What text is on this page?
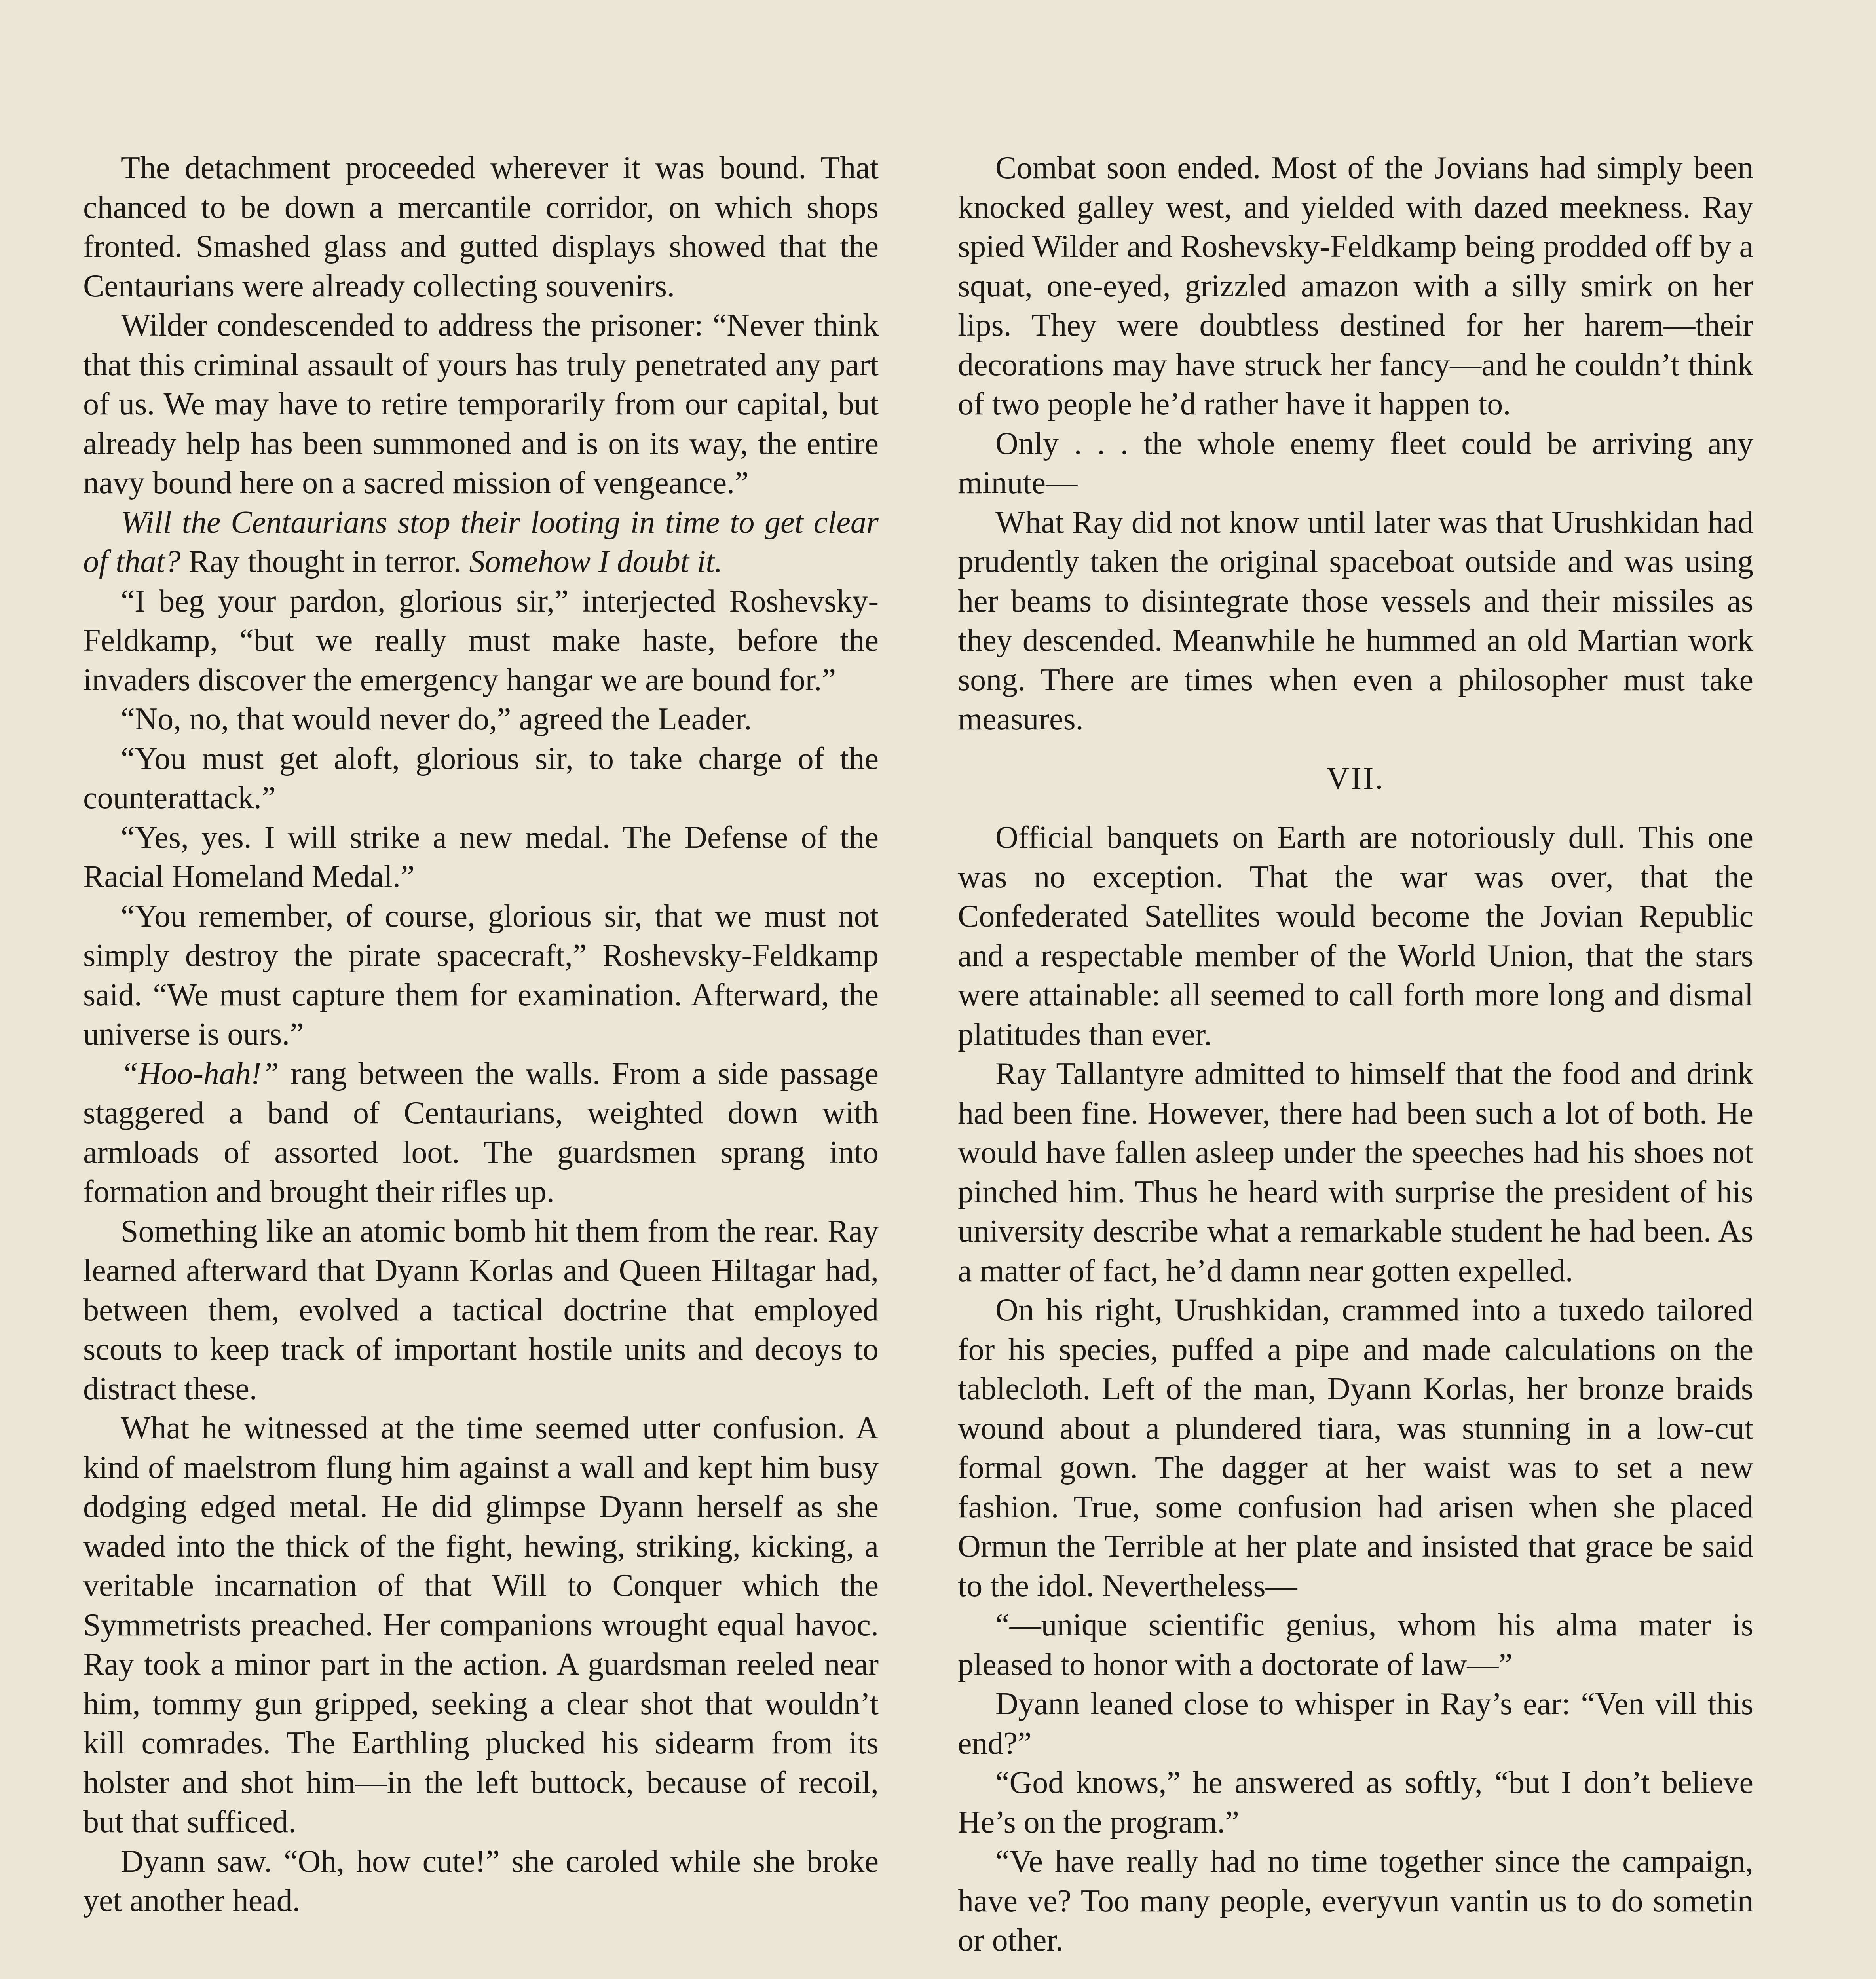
The detachment proceeded wherever it was bound. That chanced to be down a mercantile corridor, on which shops fronted. Smashed glass and gutted displays showed that the Centaurians were already collecting souvenirs.

Wilder condescended to address the prisoner: “Never think that this criminal assault of yours has truly penetrated any part of us. We may have to retire temporarily from our capital, but already help has been summoned and is on its way, the entire navy bound here on a sacred mission of vengeance.”

Will the Centaurians stop their looting in time to get clear of that? Ray thought in terror. Somehow I doubt it.

“I beg your pardon, glorious sir,” interjected Roshevsky-Feldkamp, “but we really must make haste, before the invaders discover the emergency hangar we are bound for.”

“No, no, that would never do,” agreed the Leader.

“You must get aloft, glorious sir, to take charge of the counterattack.”

“Yes, yes. I will strike a new medal. The Defense of the Racial Homeland Medal.”

“You remember, of course, glorious sir, that we must not simply destroy the pirate spacecraft,” Roshevsky-Feldkamp said. “We must capture them for examination. Afterward, the universe is ours.”

“Hoo-hah!” rang between the walls. From a side passage staggered a band of Centaurians, weighted down with armloads of assorted loot. The guardsmen sprang into formation and brought their rifles up.

Something like an atomic bomb hit them from the rear. Ray learned afterward that Dyann Korlas and Queen Hiltagar had, between them, evolved a tactical doctrine that employed scouts to keep track of important hostile units and decoys to distract these.

What he witnessed at the time seemed utter confusion. A kind of maelstrom flung him against a wall and kept him busy dodging edged metal. He did glimpse Dyann herself as she waded into the thick of the fight, hewing, striking, kicking, a veritable incarnation of that Will to Conquer which the Symmetrists preached. Her companions wrought equal havoc. Ray took a minor part in the action. A guardsman reeled near him, tommy gun gripped, seeking a clear shot that wouldn’t kill comrades. The Earthling plucked his sidearm from its holster and shot him—in the left buttock, because of recoil, but that sufficed.

Dyann saw. “Oh, how cute!” she caroled while she broke yet another head.

Combat soon ended. Most of the Jovians had simply been knocked galley west, and yielded with dazed meekness. Ray spied Wilder and Roshevsky-Feldkamp being prodded off by a squat, one-eyed, grizzled amazon with a silly smirk on her lips. They were doubtless destined for her harem—their decorations may have struck her fancy—and he couldn’t think of two people he’d rather have it happen to.

Only . . . the whole enemy fleet could be arriving any minute—

What Ray did not know until later was that Urushkidan had prudently taken the original spaceboat outside and was using her beams to disintegrate those vessels and their missiles as they descended. Meanwhile he hummed an old Martian work song. There are times when even a philosopher must take measures.

VII.

Official banquets on Earth are notoriously dull. This one was no exception. That the war was over, that the Confederated Satellites would become the Jovian Republic and a respectable member of the World Union, that the stars were attainable: all seemed to call forth more long and dismal platitudes than ever.

Ray Tallantyre admitted to himself that the food and drink had been fine. However, there had been such a lot of both. He would have fallen asleep under the speeches had his shoes not pinched him. Thus he heard with surprise the president of his university describe what a remarkable student he had been. As a matter of fact, he’d damn near gotten expelled.

On his right, Urushkidan, crammed into a tuxedo tailored for his species, puffed a pipe and made calculations on the tablecloth. Left of the man, Dyann Korlas, her bronze braids wound about a plundered tiara, was stunning in a low-cut formal gown. The dagger at her waist was to set a new fashion. True, some confusion had arisen when she placed Ormun the Terrible at her plate and insisted that grace be said to the idol. Nevertheless—

“—unique scientific genius, whom his alma mater is pleased to honor with a doctorate of law—”

Dyann leaned close to whisper in Ray’s ear: “Ven vill this end?”

“God knows,” he answered as softly, “but I don’t believe He’s on the program.”

“Ve have really had no time together since the campaign, have ve? Too many people, everyvun vantin us to do sometin or other.
